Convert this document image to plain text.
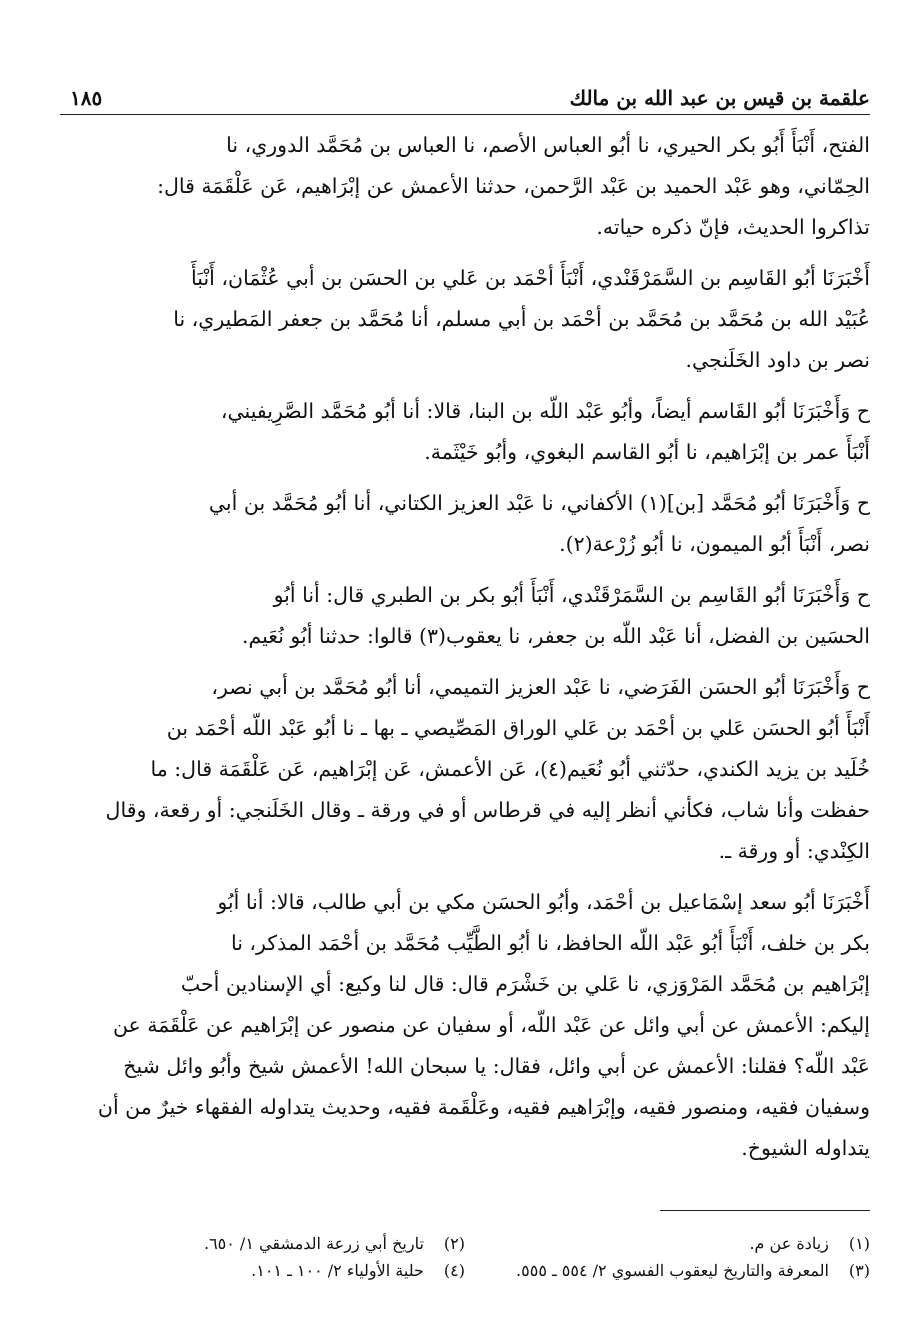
علقمة بن قيس بن عبد الله بن مالك
١٨٥

الفتح، أَنْبَأَ أَبُو بكر الحيري، نا أبُو العباس الأصم، نا العباس بن مُحَمَّد الدوري، نا
الحِمّاني، وهو عَبْد الحميد بن عَبْد الرَّحمن، حدثنا الأعمش عن إبْرَاهيم، عَن عَلْقَمَة قال:
تذاكروا الحديث، فإنّ ذكره حياته.

أَخْبَرَنَا أبُو القَاسِم بن السَّمَرْقَنْدي، أَنْبَأَ أحْمَد بن عَلي بن الحسَن بن أبي عُثْمَان، أَنْبَأَ
عُبَيْد الله بن مُحَمَّد بن مُحَمَّد بن أحْمَد بن أبي مسلم، أنا مُحَمَّد بن جعفر المَطيري، نا
نصر بن داود الخَلَنجي.

ح وَأَخْبَرَنَا أبُو القَاسم أيضاً، وأبُو عَبْد اللّه بن البنا، قالا: أنا أبُو مُحَمَّد الصَّرِيفيني،
أَنْبَأَ عمر بن إبْرَاهيم، نا أبُو القاسم البغوي، وأبُو خَيْثَمة.

ح وَأَخْبَرَنَا أبُو مُحَمَّد [بن](١) الأكفاني، نا عَبْد العزيز الكتاني، أنا أبُو مُحَمَّد بن أبي
نصر، أَنْبَأَ أبُو الميمون، نا أبُو زُرْعة(٢).

ح وَأَخْبَرَنَا أبُو القَاسِم بن السَّمَرْقَنْدي، أَنْبَأَ أبُو بكر بن الطبري قال: أنا أبُو
الحسَين بن الفضل، أنا عَبْد اللّه بن جعفر، نا يعقوب(٣) قالوا: حدثنا أبُو نُعَيم.

ح وَأَخْبَرَنَا أبُو الحسَن الفَرَضي، نا عَبْد العزيز التميمي، أنا أبُو مُحَمَّد بن أبي نصر،
أَنْبَأَ أبُو الحسَن عَلي بن أحْمَد بن عَلي الوراق المَصِّيصي ـ بها ـ نا أبُو عَبْد اللّه أحْمَد بن
خُلَيد بن يزيد الكندي، حدّثني أبُو نُعَيم(٤)، عَن الأعمش، عَن إبْرَاهيم، عَن عَلْقَمَة قال: ما
حفظت وأنا شاب، فكأني أنظر إليه في قرطاس أو في ورقة ـ وقال الخَلَنجي: أو رقعة، وقال
الكِنْدي: أو ورقة ـ.

أَخْبَرَنَا أبُو سعد إسْمَاعيل بن أحْمَد، وأبُو الحسَن مكي بن أبي طالب، قالا: أنا أبُو
بكر بن خلف، أَنْبَأَ أبُو عَبْد اللّه الحافظ، نا أبُو الطَّيِّب مُحَمَّد بن أحْمَد المذكر، نا
إبْرَاهيم بن مُحَمَّد المَرْوَزي، نا عَلي بن خَشْرَم قال: قال لنا وكيع: أي الإسنادين أحبّ
إليكم: الأعمش عن أبي وائل عن عَبْد اللّه، أو سفيان عن منصور عن إبْرَاهيم عن عَلْقَمَة عن
عَبْد اللّه؟ فقلنا: الأعمش عن أبي وائل، فقال: يا سبحان الله! الأعمش شيخ وأبُو وائل شيخ
وسفيان فقيه، ومنصور فقيه، وإبْرَاهيم فقيه، وعَلْقَمة فقيه، وحديث يتداوله الفقهاء خيرٌ من أن
يتداوله الشيوخ.

(١) زيادة عن م.
(٢) تاريخ أبي زرعة الدمشقي ١/ ٦٥٠.
(٣) المعرفة والتاريخ ليعقوب الفسوي ٢/ ٥٥٤ ـ ٥٥٥.
(٤) حلية الأولياء ٢/ ١٠٠ ـ ١٠١.
